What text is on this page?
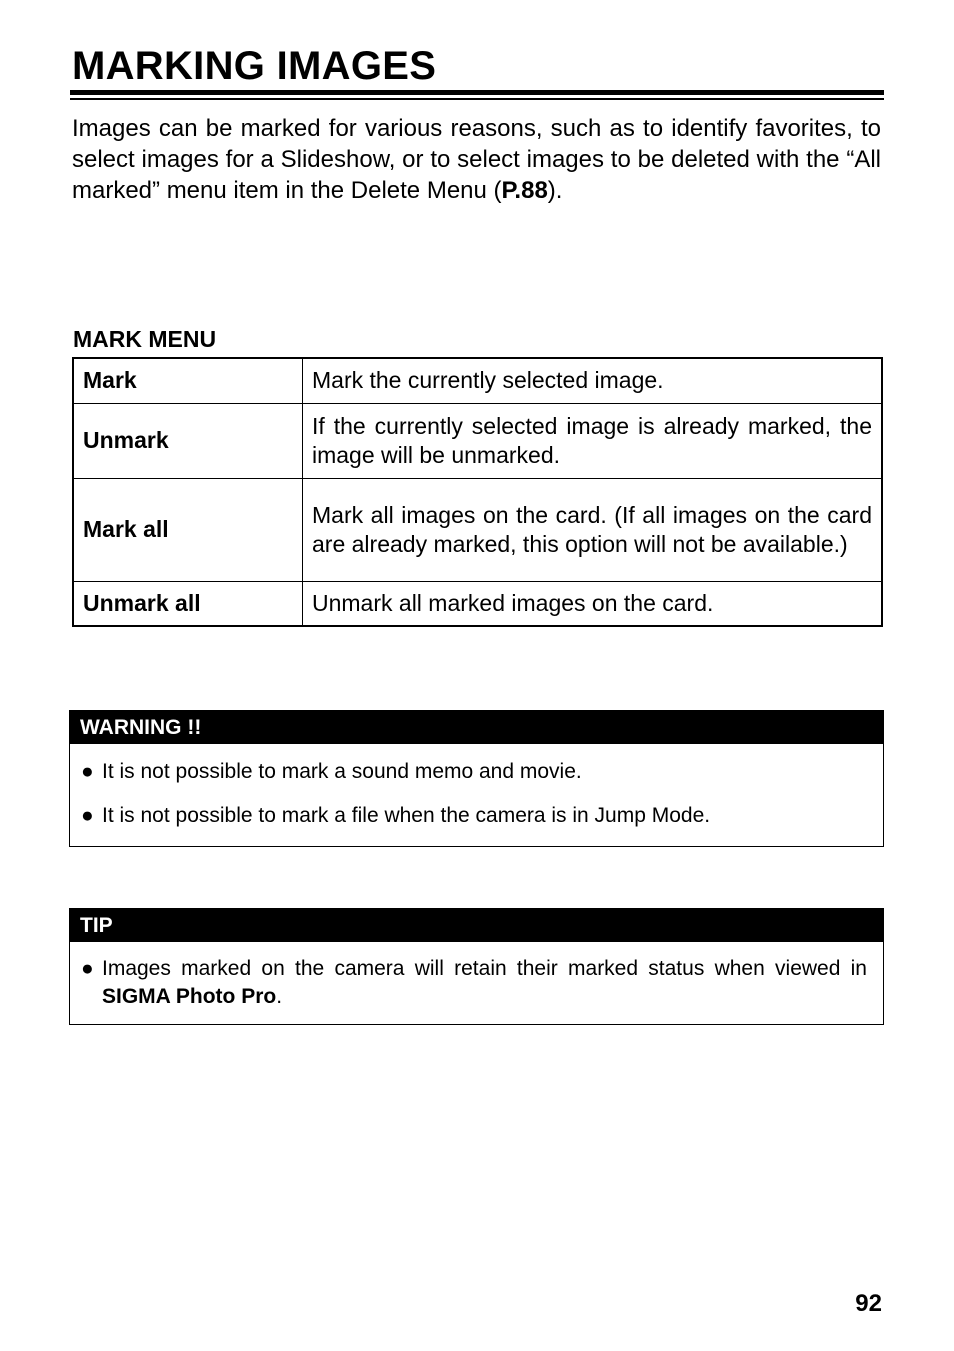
MARKING IMAGES

Images can be marked for various reasons, such as to identify favorites, to select images for a Slideshow, or to select images to be deleted with the “All marked” menu item in the Delete Menu (P.88).

MARK MENU
Mark	Mark the currently selected image.
Unmark	If the currently selected image is already marked, the image will be unmarked.
Mark all	Mark all images on the card. (If all images on the card are already marked, this option will not be available.)
Unmark all	Unmark all marked images on the card.
WARNING !!
● It is not possible to mark a sound memo and movie.
● It is not possible to mark a file when the camera is in Jump Mode.
TIP
● Images marked on the camera will retain their marked status when viewed in SIGMA Photo Pro.
92
